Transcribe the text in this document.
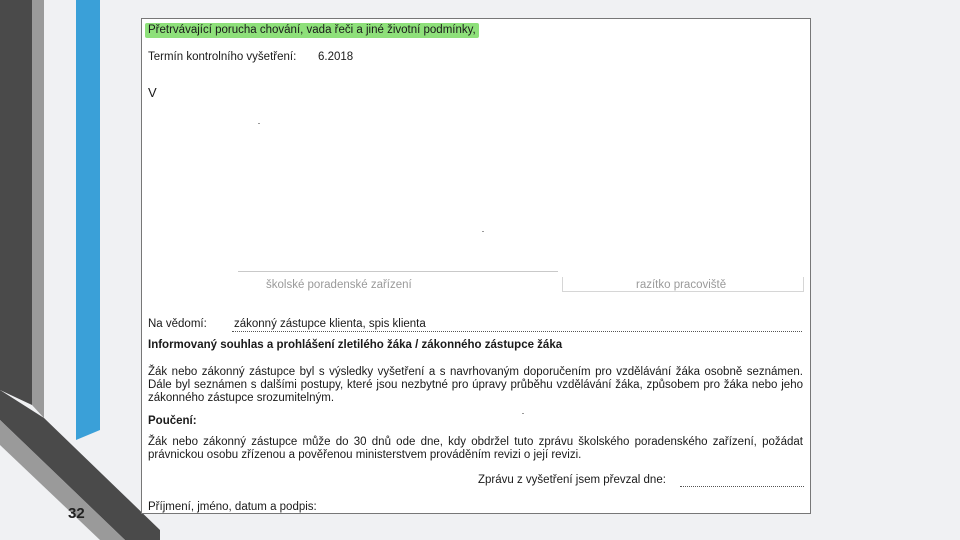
32
Přetrvávající porucha chování, vada řeči a jiné životní podmínky,
Termín kontrolního vyšetření: 6.2018
V
školské poradenské zařízení	razítko pracoviště
Na vědomí: zákonný zástupce klienta, spis klienta
Informovaný souhlas a prohlášení zletilého žáka / zákonného zástupce žáka
Žák nebo zákonný zástupce byl s výsledky vyšetření a s navrhovaným doporučením pro vzdělávání žáka osobně seznámen. Dále byl seznámen s dalšími postupy, které jsou nezbytné pro úpravy průběhu vzdělávání žáka, způsobem pro žáka nebo jeho zákonného zástupce srozumitelným.
Poučení:
Žák nebo zákonný zástupce může do 30 dnů ode dne, kdy obdržel tuto zprávu školského poradenského zařízení, požádat právnickou osobu zřízenou a pověřenou ministerstvem prováděním revizi o její revizi.
Zprávu z vyšetření jsem převzal dne:
Příjmení, jméno, datum a podpis:
